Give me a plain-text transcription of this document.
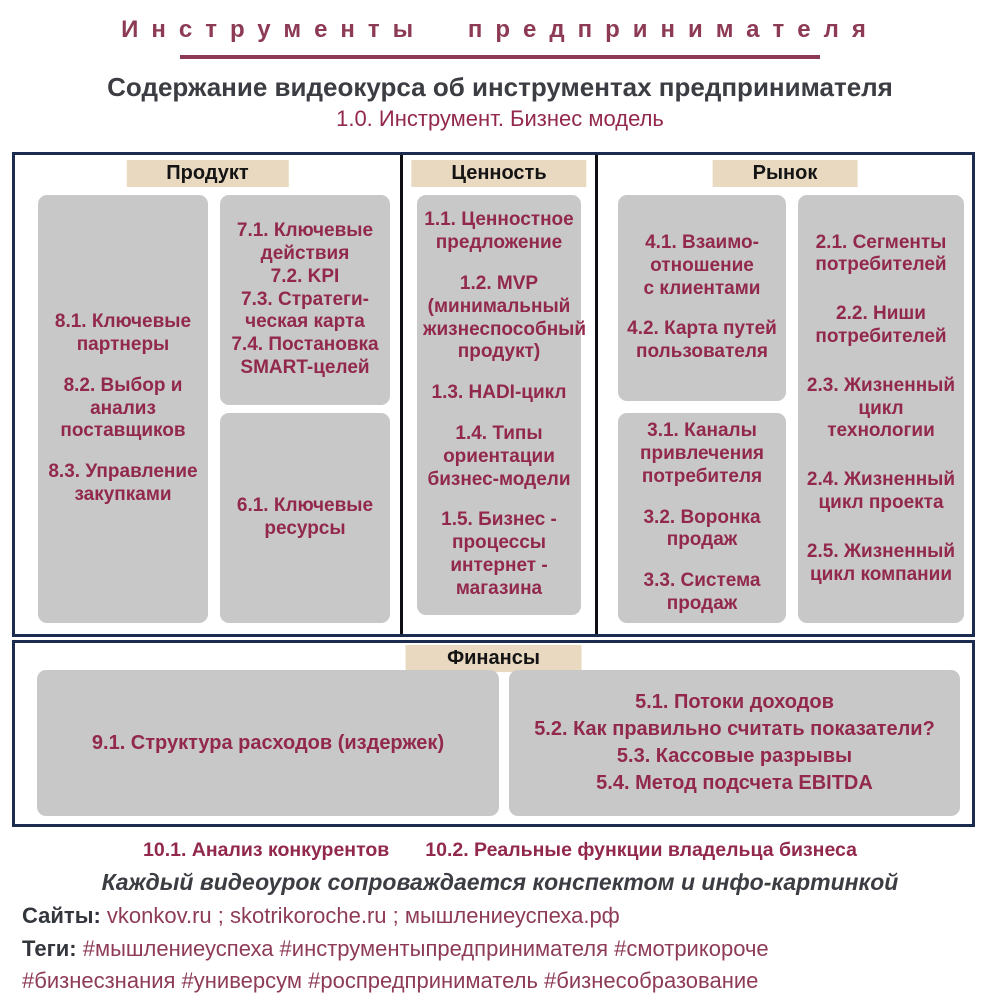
Инструменты предпринимателя
Содержание видеокурса об инструментах предпринимателя
1.0. Инструмент. Бизнес модель
Продукт
8.1. Ключевые партнеры
8.2. Выбор и анализ поставщиков
8.3. Управление закупками
7.1. Ключевые действия
7.2. KPI
7.3. Стратеги-ческая карта
7.4. Постановка SMART-целей
6.1. Ключевые ресурсы
Ценность
1.1. Ценностное предложение
1.2. MVP (минимальный жизнеспособный продукт)
1.3. HADI-цикл
1.4. Типы ориентации бизнес-модели
1.5. Бизнес - процессы интернет - магазина
Рынок
4.1. Взаимо-отношение с клиентами
4.2. Карта путей пользователя
3.1. Каналы привлечения потребителя
3.2. Воронка продаж
3.3. Система продаж
2.1. Сегменты потребителей
2.2. Ниши потребителей
2.3. Жизненный цикл технологии
2.4. Жизненный цикл проекта
2.5. Жизненный цикл компании
Финансы
9.1. Структура расходов (издержек)
5.1. Потоки доходов
5.2. Как правильно считать показатели?
5.3. Кассовые разрывы
5.4. Метод подсчета EBITDA
10.1. Анализ конкурентов 10.2. Реальные функции владельца бизнеса
Каждый видеоурок сопроваждается конспектом и инфо-картинкой
Сайты: vkonkov.ru ; skotrikoroche.ru ; мышлениеуспеха.рф
Теги: #мышлениеуспеха #инструментыпредпринимателя #смотрикороче
#бизнесзнания #универсум #роспредприниматель #бизнесобразование
